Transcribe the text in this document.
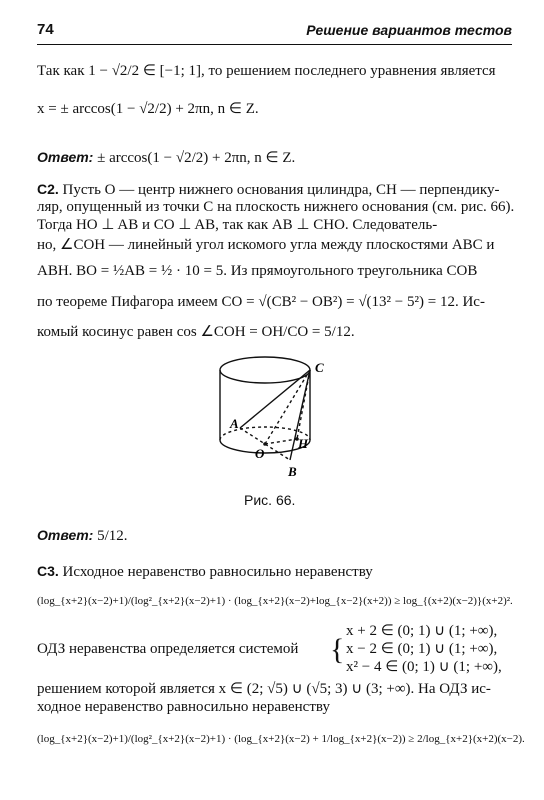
74	Решение вариантов тестов
Так как 1 − √2/2 ∈ [−1; 1], то решением последнего уравнения является
x = ± arccos(1 − √2/2) + 2πn, n ∈ Z.
Ответ: ± arccos(1 − √2/2) + 2πn, n ∈ Z.
C2. Пусть O — центр нижнего основания цилиндра, CH — перпендику-
ляр, опущенный из точки C на плоскость нижнего основания (см. рис. 66).
Тогда HO ⊥ AB и CO ⊥ AB, так как AB ⊥ CHO. Следователь-
но, ∠COH — линейный угол искомого угла между плоскостями ABC и
ABH. BO = ½AB = ½ · 10 = 5. Из прямоугольного треугольника COB
по теореме Пифагора имеем CO = √(CB² − OB²) = √(13² − 5²) = 12. Ис-
комый косинус равен cos ∠COH = OH/CO = 5/12.
C
A
O
H
B
Рис. 66.
Ответ: 5/12.
C3. Исходное неравенство равносильно неравенству
(log_{x+2}(x−2)+1)/(log²_{x+2}(x−2)+1) · (log_{x+2}(x−2)+log_{x−2}(x+2)) ≥ log_{(x+2)(x−2)}(x+2)².
ОДЗ неравенства определяется системой {
x + 2 ∈ (0; 1) ∪ (1; +∞),
x − 2 ∈ (0; 1) ∪ (1; +∞),
x² − 4 ∈ (0; 1) ∪ (1; +∞),
решением которой является x ∈ (2; √5) ∪ (√5; 3) ∪ (3; +∞). На ОДЗ ис-
ходное неравенство равносильно неравенству
(log_{x+2}(x−2)+1)/(log²_{x+2}(x−2)+1) · (log_{x+2}(x−2) + 1/log_{x+2}(x−2)) ≥ 2/log_{x+2}(x+2)(x−2).
